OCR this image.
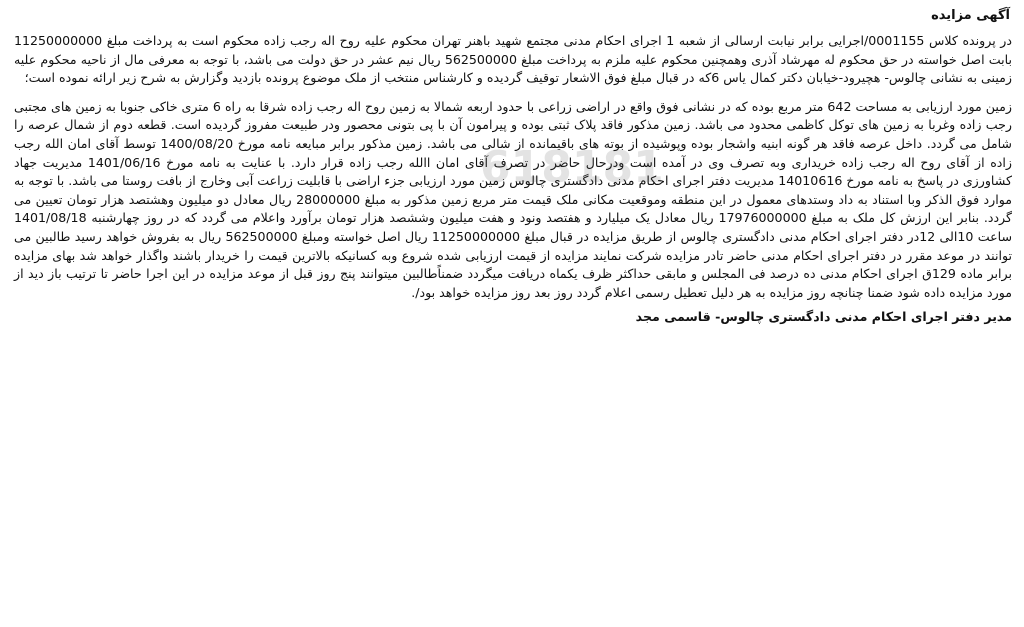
آگهی مزایده

در پرونده کلاس 0001155/اجرایی برابر نیابت ارسالی از شعبه 1 اجرای احکام مدنی مجتمع شهید باهنر تهران محکوم علیه روح اله رجب زاده محکوم است به پرداخت مبلغ 11250000000 بابت اصل خواسته در حق محکوم له مهرشاد آذری وهمچنین محکوم علیه ملزم به پرداخت مبلغ 562500000 ریال نیم عشر در حق دولت می باشد، با توجه به معرفی مال از ناحیه محکوم علیه زمینی به نشانی چالوس- هچیرود-خیابان دکتر کمال یاس 6که در قبال مبلغ فوق الاشعار توقیف گردیده و کارشناس منتخب از ملک موضوع پرونده بازدید وگزارش به شرح زیر ارائه نموده است؛

زمین مورد ارزیابی به مساحت 642 متر مربع بوده که در نشانی فوق واقع در اراضی زراعی با حدود اربعه شمالا به زمین روح اله رجب زاده شرقا به راه 6 متری خاکی جنوبا به زمین های مجتبی رجب زاده وغربا به زمین های توکل کاظمی محدود می باشد. زمین مذکور فاقد پلاک ثبتی بوده و پیرامون آن با پی بتونی محصور ودر طبیعت مفروز گردیده است. قطعه دوم از شمال عرصه را شامل می گردد. داخل عرصه فاقد هر گونه ابنیه واشجار بوده وپوشیده از بوته های باقیمانده از شالی می باشد. زمین مذکور برابر مبایعه نامه مورخ 1400/08/20 توسط آقای امان الله رجب زاده از آقای روح اله رجب زاده خریداری وبه تصرف وی در آمده است ودرحال حاضر در تصرف آقای امان االله رجب زاده قرار دارد. با عنایت به نامه مورخ 1401/06/16 مدیریت جهاد کشاورزی در پاسخ به نامه مورخ 14010616 مدیریت دفتر اجرای احکام مدنی دادگستری چالوس زمین مورد ارزیابی جزء اراضی با قابلیت زراعت آبی وخارج از بافت روستا می باشد. با توجه به موارد فوق الذکر وبا استناد به داد وستدهای معمول در این منطقه وموقعیت مکانی ملک قیمت متر مربع زمین مذکور به مبلغ 28000000 ریال معادل دو میلیون وهشتصد هزار تومان تعیین می گردد. بنابر این ارزش کل ملک به مبلغ 17976000000 ریال معادل یک میلیارد و هفتصد ونود و هفت میلیون وششصد هزار تومان برآورد واعلام می گردد که در روز چهارشنبه 1401/08/18 ساعت 10الی 12در دفتر اجرای احکام مدنی دادگستری چالوس از طریق مزایده در قبال مبلغ 11250000000 ریال اصل خواسته ومبلغ 562500000 ریال به بفروش خواهد رسید طالبین می توانند در موعد مقرر در دفتر اجرای احکام مدنی حاضر تادر مزایده شرکت نمایند مزایده از قیمت ارزیابی شده شروع وبه کسانیکه بالاترین قیمت را خریدار باشند واگذار خواهد شد بهای مزایده برابر ماده 129ق اجرای احکام مدنی ده درصد فی المجلس و مابقی حداکثر ظرف یکماه دریافت میگردد ضمناًطالبین میتوانند پنج روز قبل از موعد مزایده در این اجرا حاضر تا ترتیب باز دید از مورد مزایده داده شود ضمنا چنانچه روز مزایده به هر دلیل تعطیل رسمی اعلام گردد روز بعد روز مزایده خواهد بود/.

مدیر دفتر اجرای احکام مدنی دادگستری چالوس- قاسمی مجد
618181
